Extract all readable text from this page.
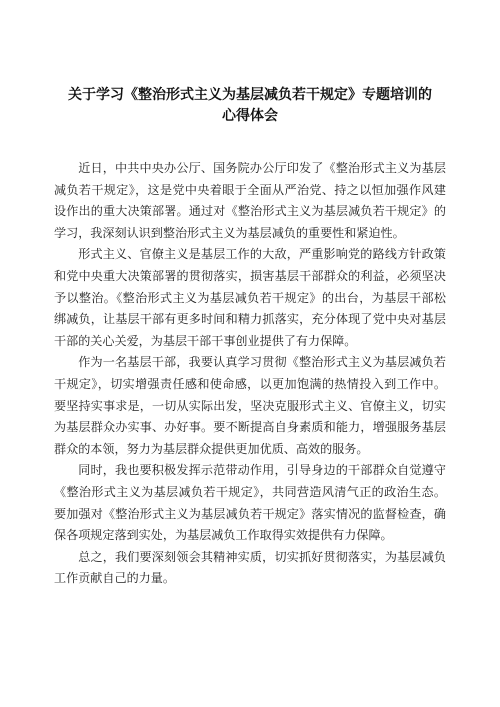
关于学习《整治形式主义为基层减负若干规定》专题培训的心得体会

近日，中共中央办公厅、国务院办公厅印发了《整治形式主义为基层减负若干规定》，这是党中央着眼于全面从严治党、持之以恒加强作风建设作出的重大决策部署。通过对《整治形式主义为基层减负若干规定》的学习，我深刻认识到整治形式主义为基层减负的重要性和紧迫性。

形式主义、官僚主义是基层工作的大敌，严重影响党的路线方针政策和党中央重大决策部署的贯彻落实，损害基层干部群众的利益，必须坚决予以整治。《整治形式主义为基层减负若干规定》的出台，为基层干部松绑减负，让基层干部有更多时间和精力抓落实，充分体现了党中央对基层干部的关心关爱，为基层干部干事创业提供了有力保障。

作为一名基层干部，我要认真学习贯彻《整治形式主义为基层减负若干规定》，切实增强责任感和使命感，以更加饱满的热情投入到工作中。要坚持实事求是，一切从实际出发，坚决克服形式主义、官僚主义，切实为基层群众办实事、办好事。要不断提高自身素质和能力，增强服务基层群众的本领，努力为基层群众提供更加优质、高效的服务。

同时，我也要积极发挥示范带动作用，引导身边的干部群众自觉遵守《整治形式主义为基层减负若干规定》，共同营造风清气正的政治生态。要加强对《整治形式主义为基层减负若干规定》落实情况的监督检查，确保各项规定落到实处，为基层减负工作取得实效提供有力保障。

总之，我们要深刻领会其精神实质，切实抓好贯彻落实，为基层减负工作贡献自己的力量。
